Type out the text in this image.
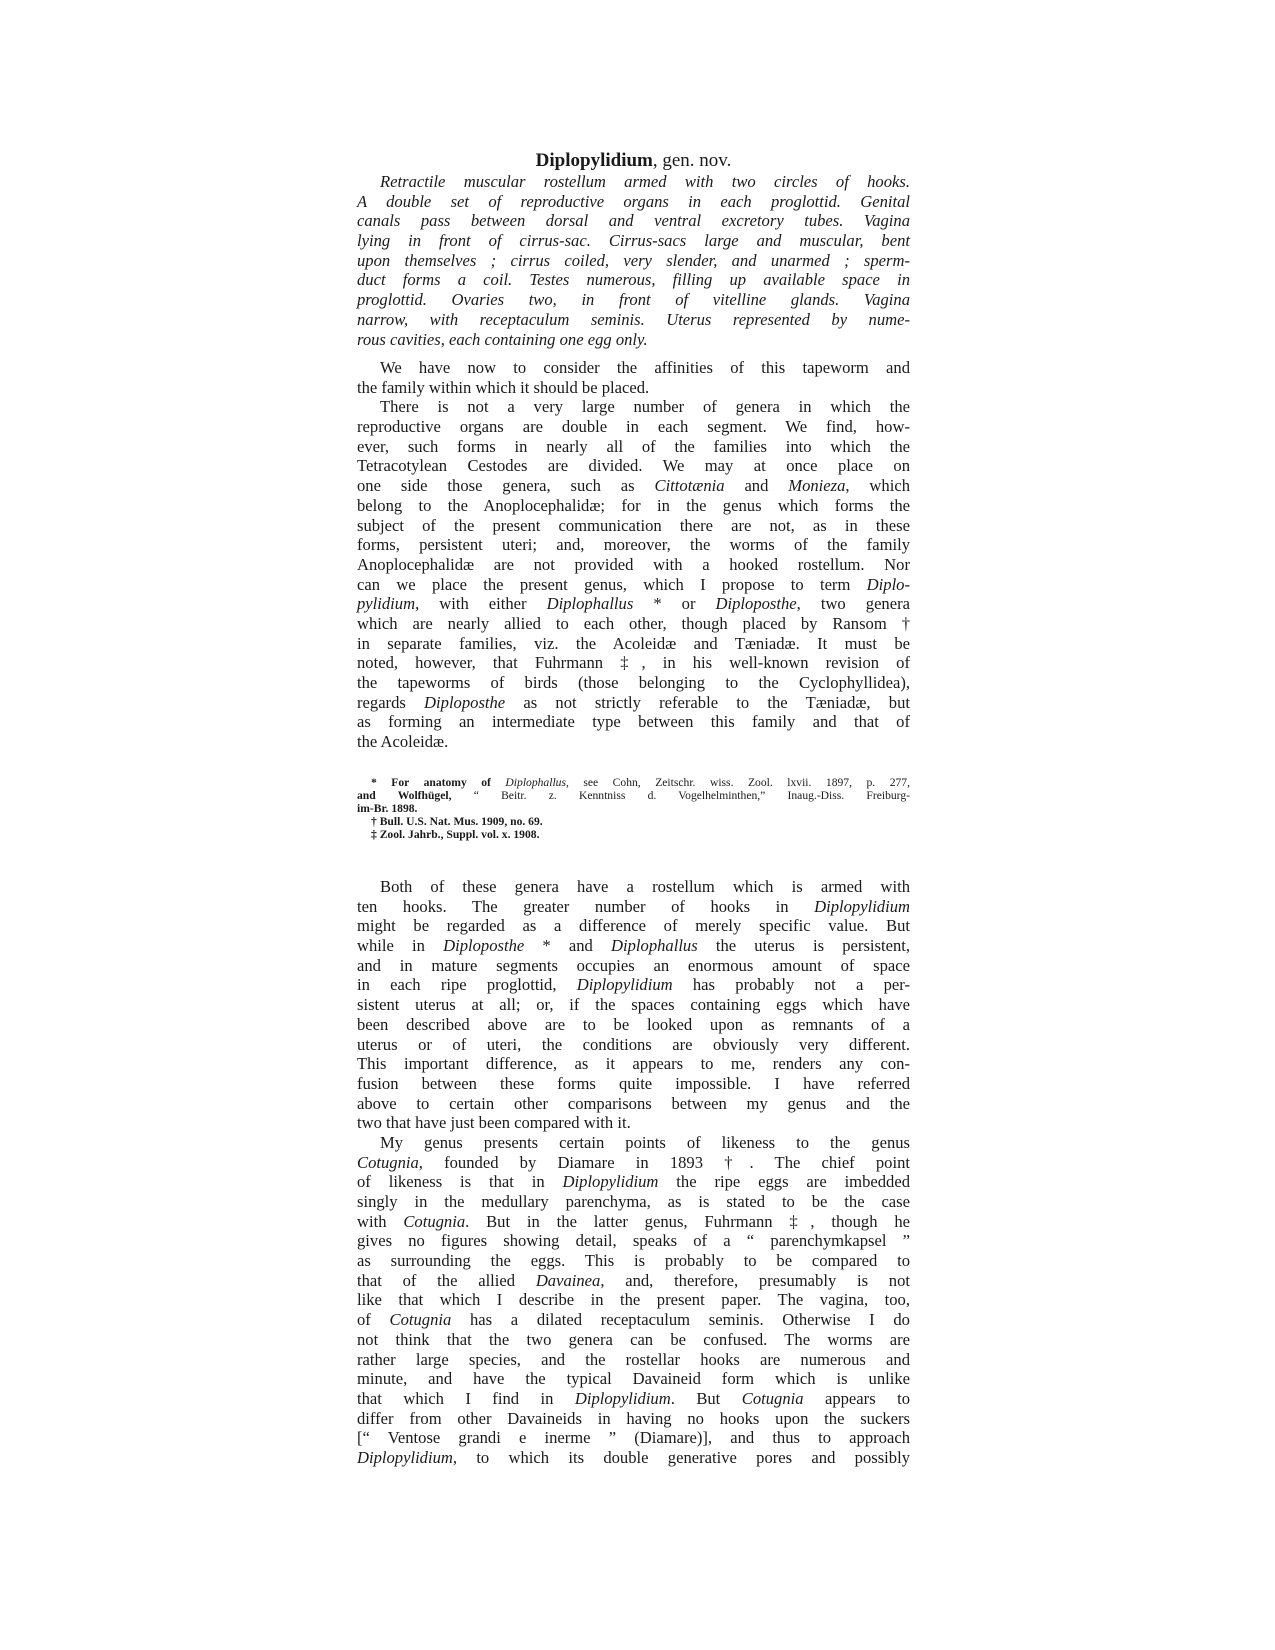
Diplopylidium, gen. nov.
Retractile muscular rostellum armed with two circles of hooks.
A double set of reproductive organs in each proglottid. Genital
canals pass between dorsal and ventral excretory tubes. Vagina
lying in front of cirrus-sac. Cirrus-sacs large and muscular, bent
upon themselves ; cirrus coiled, very slender, and unarmed ; sperm-
duct forms a coil. Testes numerous, filling up available space in
proglottid. Ovaries two, in front of vitelline glands. Vagina
narrow, with receptaculum seminis. Uterus represented by nume-
rous cavities, each containing one egg only.
We have now to consider the affinities of this tapeworm and
the family within which it should be placed.
There is not a very large number of genera in which the
reproductive organs are double in each segment. We find, how-
ever, such forms in nearly all of the families into which the
Tetracotylean Cestodes are divided. We may at once place on
one side those genera, such as Cittotænia and Monieza, which
belong to the Anoplocephalidæ; for in the genus which forms the
subject of the present communication there are not, as in these
forms, persistent uteri; and, moreover, the worms of the family
Anoplocephalidæ are not provided with a hooked rostellum. Nor
can we place the present genus, which I propose to term Diplo-
pylidium, with either Diplophallus * or Diploposthe, two genera
which are nearly allied to each other, though placed by Ransom †
in separate families, viz. the Acoleidæ and Tæniadæ. It must be
noted, however, that Fuhrmann ‡, in his well-known revision of
the tapeworms of birds (those belonging to the Cyclophyllidea),
regards Diploposthe as not strictly referable to the Tæniadæ, but
as forming an intermediate type between this family and that of
the Acoleidæ.
* For anatomy of Diplophallus, see Cohn, Zeitschr. wiss. Zool. lxvii. 1897, p. 277,
and Wolfhügel, “ Beitr. z. Kenntniss d. Vogelhelminthen,” Inaug.-Diss. Freiburg-
im-Br. 1898.
† Bull. U.S. Nat. Mus. 1909, no. 69.
‡ Zool. Jahrb., Suppl. vol. x. 1908.
Both of these genera have a rostellum which is armed with
ten hooks. The greater number of hooks in Diplopylidium
might be regarded as a difference of merely specific value. But
while in Diploposthe * and Diplophallus the uterus is persistent,
and in mature segments occupies an enormous amount of space
in each ripe proglottid, Diplopylidium has probably not a per-
sistent uterus at all; or, if the spaces containing eggs which have
been described above are to be looked upon as remnants of a
uterus or of uteri, the conditions are obviously very different.
This important difference, as it appears to me, renders any con-
fusion between these forms quite impossible. I have referred
above to certain other comparisons between my genus and the
two that have just been compared with it.
My genus presents certain points of likeness to the genus
Cotugnia, founded by Diamare in 1893 †. The chief point
of likeness is that in Diplopylidium the ripe eggs are imbedded
singly in the medullary parenchyma, as is stated to be the case
with Cotugnia. But in the latter genus, Fuhrmann ‡, though he
gives no figures showing detail, speaks of a “ parenchymkapsel ”
as surrounding the eggs. This is probably to be compared to
that of the allied Davainea, and, therefore, presumably is not
like that which I describe in the present paper. The vagina, too,
of Cotugnia has a dilated receptaculum seminis. Otherwise I do
not think that the two genera can be confused. The worms are
rather large species, and the rostellar hooks are numerous and
minute, and have the typical Davaineid form which is unlike
that which I find in Diplopylidium. But Cotugnia appears to
differ from other Davaineids in having no hooks upon the suckers
[“ Ventose grandi e inerme ” (Diamare)], and thus to approach
Diplopylidium, to which its double generative pores and possibly
